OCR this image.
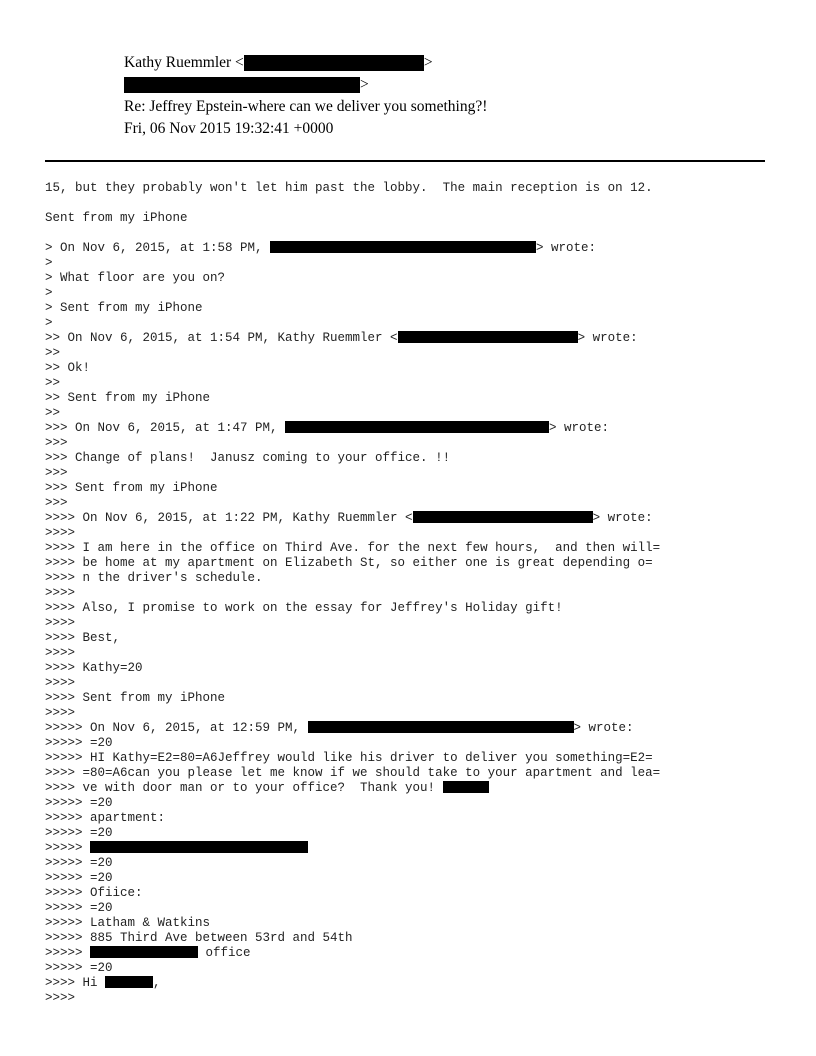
Kathy Ruemmler <	>
>
Re: Jeffrey Epstein-where can we deliver you something?!
Fri, 06 Nov 2015 19:32:41 +0000
15, but they probably won't let him past the lobby.  The main reception is on 12.
Sent from my iPhone
> On Nov 6, 2015, at 1:58 PM,	> wrote:
>
> What floor are you on?
>
> Sent from my iPhone
>
>> On Nov 6, 2015, at 1:54 PM, Kathy Ruemmler <	> wrote:
>>
>> Ok!
>>
>> Sent from my iPhone
>>
>>> On Nov 6, 2015, at 1:47 PM,	> wrote:
>>>
>>> Change of plans!  Janusz coming to your office. !!
>>>
>>> Sent from my iPhone
>>>
>>>> On Nov 6, 2015, at 1:22 PM, Kathy Ruemmler <	> wrote:
>>>>
>>>> I am here in the office on Third Ave. for the next few hours,  and then will=
>>>> be home at my apartment on Elizabeth St, so either one is great depending o=
>>>> n the driver's schedule.
>>>>
>>>> Also, I promise to work on the essay for Jeffrey's Holiday gift!
>>>>
>>>> Best,
>>>>
>>>> Kathy=20
>>>>
>>>> Sent from my iPhone
>>>>
>>>>> On Nov 6, 2015, at 12:59 PM,	> wrote:
>>>>> =20
>>>>> HI Kathy=E2=80=A6Jeffrey would like his driver to deliver you something=E2=
>>>> =80=A6can you please let me know if we should take to your apartment and lea=
>>>> ve with door man or to your office?  Thank you!
>>>>> =20
>>>>> apartment:
>>>>> =20
>>>>>
>>>>> =20
>>>>> =20
>>>>> Ofiice:
>>>>> =20
>>>>> Latham & Watkins
>>>>> 885 Third Ave between 53rd and 54th
>>>>>	office
>>>>> =20
>>>> Hi	,
>>>>
